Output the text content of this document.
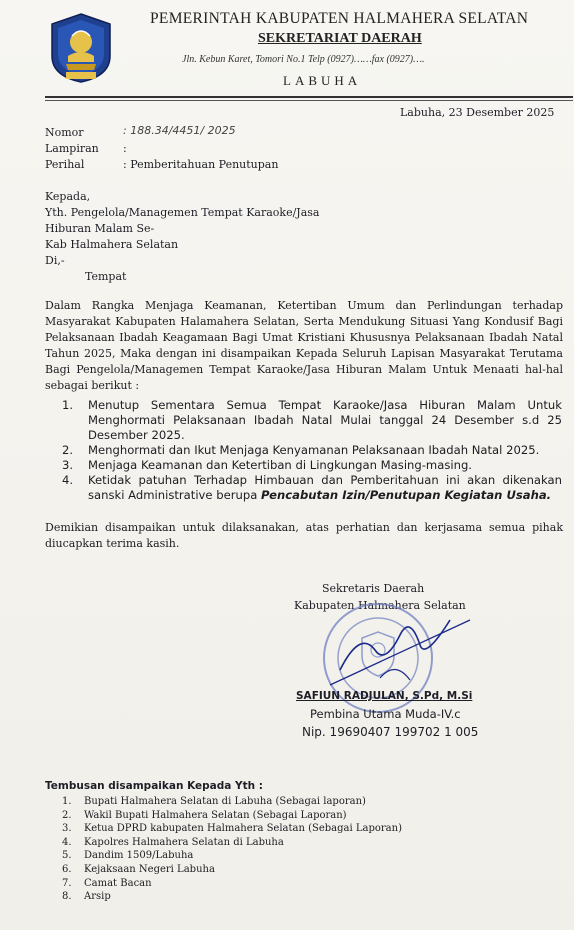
PEMERINTAH KABUPATEN HALMAHERA SELATAN
SEKRETARIAT DAERAH
Jln. Kebun Karet, Tomori No.1 Telp (0927)……fax (0927)….
LABUHA
Labuha, 23 Desember 2025
Nomor	: 188.34/4451/ 2025
Lampiran :
Perihal	: Pemberitahuan Penutupan
Kepada,
Yth. Pengelola/Managemen Tempat Karaoke/Jasa
Hiburan Malam Se-
Kab Halmahera Selatan
Di,-
Tempat
Dalam Rangka Menjaga Keamanan, Ketertiban Umum dan Perlindungan terhadap Masyarakat Kabupaten Halamahera Selatan, Serta Mendukung Situasi Yang Kondusif Bagi Pelaksanaan Ibadah Keagamaan Bagi Umat Kristiani Khususnya Pelaksanaan Ibadah Natal Tahun 2025, Maka dengan ini disampaikan Kepada Seluruh Lapisan Masyarakat Terutama Bagi Pengelola/Managemen Tempat Karaoke/Jasa Hiburan Malam Untuk Menaati hal-hal sebagai berikut :
1. Menutup Sementara Semua Tempat Karaoke/Jasa Hiburan Malam Untuk Menghormati Pelaksanaan Ibadah Natal Mulai tanggal 24 Desember s.d 25 Desember 2025.
2. Menghormati dan Ikut Menjaga Kenyamanan Pelaksanaan Ibadah Natal 2025.
3. Menjaga Keamanan dan Ketertiban di Lingkungan Masing-masing.
4. Ketidak patuhan Terhadap Himbauan dan Pemberitahuan ini akan dikenakan sanski Administrative berupa Pencabutan Izin/Penutupan Kegiatan Usaha.
Demikian disampaikan untuk dilaksanakan, atas perhatian dan kerjasama semua pihak diucapkan terima kasih.
Sekretaris Daerah
Kabupaten Halmahera Selatan
SAFIUN RADJULAN, S.Pd, M.Si
Pembina Utama Muda-IV.c
Nip. 19690407 199702 1 005
Tembusan disampaikan Kepada Yth :
1. Bupati Halmahera Selatan di Labuha (Sebagai laporan)
2. Wakil Bupati Halmahera Selatan (Sebagai Laporan)
3. Ketua DPRD kabupaten Halmahera Selatan (Sebagai Laporan)
4. Kapolres Halmahera Selatan di Labuha
5. Dandim 1509/Labuha
6. Kejaksaan Negeri Labuha
7. Camat Bacan
8. Arsip
